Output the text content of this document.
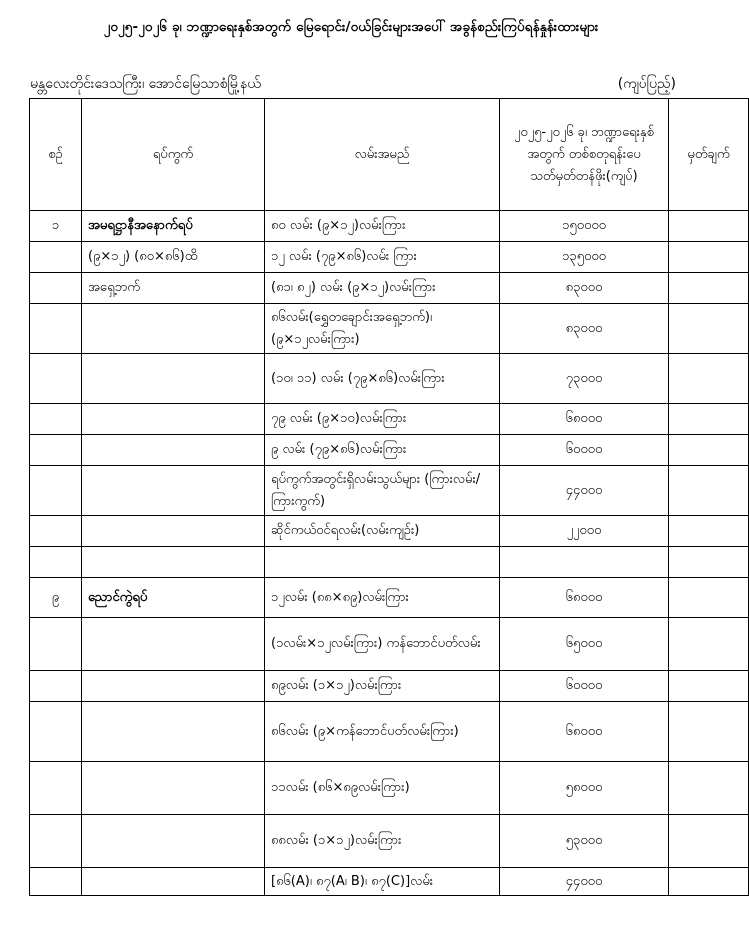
၂၀၂၅-၂၀၂၆ ခု၊ ဘဏ္ဍာရေးနှစ်အတွက် မြေရောင်း/ဝယ်ခြင်းများအပေါ် အခွန်စည်းကြပ်ရန်နှုန်းထားများ
မန္တလေးတိုင်းဒေသကြီး၊ အောင်မြေသာစံမြို့နယ်	(ကျပ်ပြည့်)
စဉ်	ရပ်ကွက်	လမ်းအမည်	၂၀၂၅-၂၀၂၆ ခု၊ ဘဏ္ဍာရေးနှစ်အတွက် တစ်စတုရန်းပေ သတ်မှတ်တန်ဖိုး(ကျပ်)	မှတ်ချက်
၁	အမရဋ္ဌာနီအနောက်ရပ်	၈၀ လမ်း (၉×၁၂)လမ်းကြား	၁၅၀၀၀၀	
	(၉×၁၂) (၈၀×၈၆)ထိ	၁၂ လမ်း (၇၉×၈၆)လမ်း ကြား	၁၃၅၀၀၀	
	အရှေ့ဘက်	(၈၁၊ ၈၂) လမ်း (၉×၁၂)လမ်းကြား	၈၃၀၀၀	
		၈၆လမ်း(ရွှေတချောင်းအရှေ့ဘက်)၊ (၉×၁၂လမ်းကြား)	၈၃၀၀၀	
		(၁၀၊ ၁၁) လမ်း (၇၉×၈၆)လမ်းကြား	၇၃၀၀၀	
		၇၉ လမ်း (၉×၁၀)လမ်းကြား	၆၈၀၀၀	
		၉ လမ်း (၇၉×၈၆)လမ်းကြား	၆၀၀၀၀	
		ရပ်ကွက်အတွင်းရှိလမ်းသွယ်များ (ကြားလမ်း/ကြားကွက်)	၄၄၀၀၀	
		ဆိုင်ကယ်ဝင်ရလမ်း(လမ်းကျဉ်း)	၂၂၀၀၀	

၉	ညောင်ကွဲရပ်	၁၂လမ်း (၈၈×၈၉)လမ်းကြား	၆၈၀၀၀	
		(၁လမ်း×၁၂လမ်းကြား) ကန်ဘောင်ပတ်လမ်း	၆၅၀၀၀	
		၈၉လမ်း (၁×၁၂)လမ်းကြား	၆၀၀၀၀	
		၈၆လမ်း (၉×ကန်ဘောင်ပတ်လမ်းကြား)	၆၈၀၀၀	
		၁၁လမ်း (၈၆×၈၉လမ်းကြား)	၅၈၀၀၀	
		၈၈လမ်း (၁×၁၂)လမ်းကြား	၅၃၀၀၀	
		[၈၆(A)၊ ၈၇(A၊ B)၊ ၈၇(C)]လမ်း	၄၄၀၀၀	
